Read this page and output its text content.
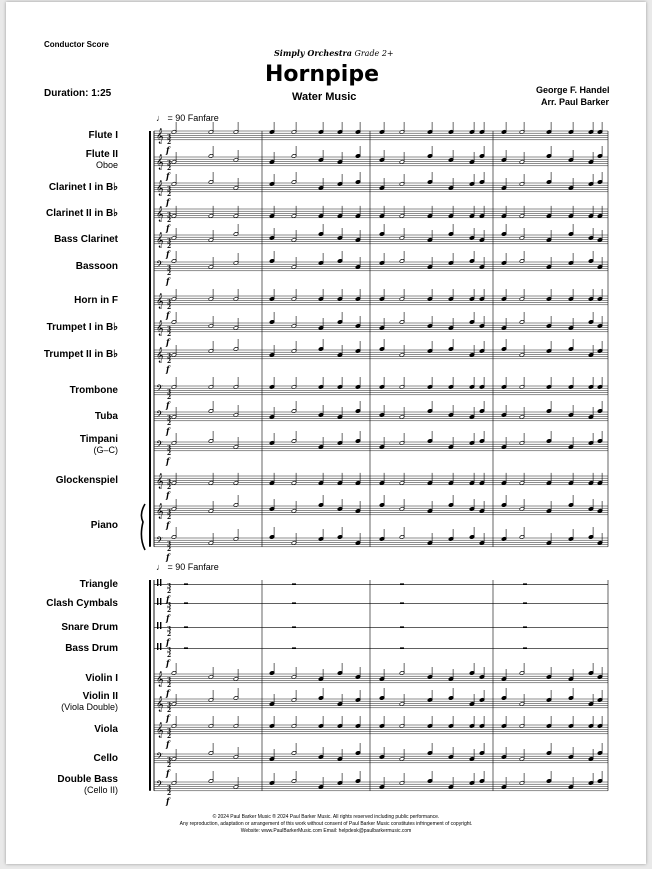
Conductor Score
Simply Orchestra Grade 2+
Hornpipe
Water Music
George F. Handel
Arr. Paul Barker
Duration: 1:25
♩ = 90 Fanfare
♩ = 90 Fanfare
Flute I
Flute II
Oboe
Clarinet I in B♭
Clarinet II in B♭
Bass Clarinet
Bassoon
Horn in F
Trumpet I in B♭
Trumpet II in B♭
Trombone
Tuba
Timpani
(G–C)
Glockenspiel
Piano
Triangle
Clash Cymbals
Snare Drum
Bass Drum
Violin I
Violin II
(Viola Double)
Viola
Cello
Double Bass
(Cello II)
𝄞 3
2
f
𝄞 3
2
f
𝄞 3
2
f
𝄞 3
2
f
𝄞 3
2
f
𝄢 3
2
f
𝄞 3
2
f
𝄞 3
2
f
𝄞 3
2
f
𝄢 3
2
f
𝄢 3
2
f
𝄢 3
2
f
𝄞 3
2
f
𝄞 3
2
f
𝄢 3
2
f
3
2
f
3
2
f
3
2
f
3
2
f
𝄞 3
2
f
𝄞 3
2
f
𝄞 3
2
f
𝄢 3
2
f
𝄢 3
2
f
© 2024 Paul Barker Music ® 2024 Paul Barker Music. All rights reserved including public performance.
Any reproduction, adaptation or arrangement of this work without consent of Paul Barker Music constitutes infringement of copyright.
Website: www.PaulBarkerMusic.com Email: helpdesk@paulbarkermusic.com
